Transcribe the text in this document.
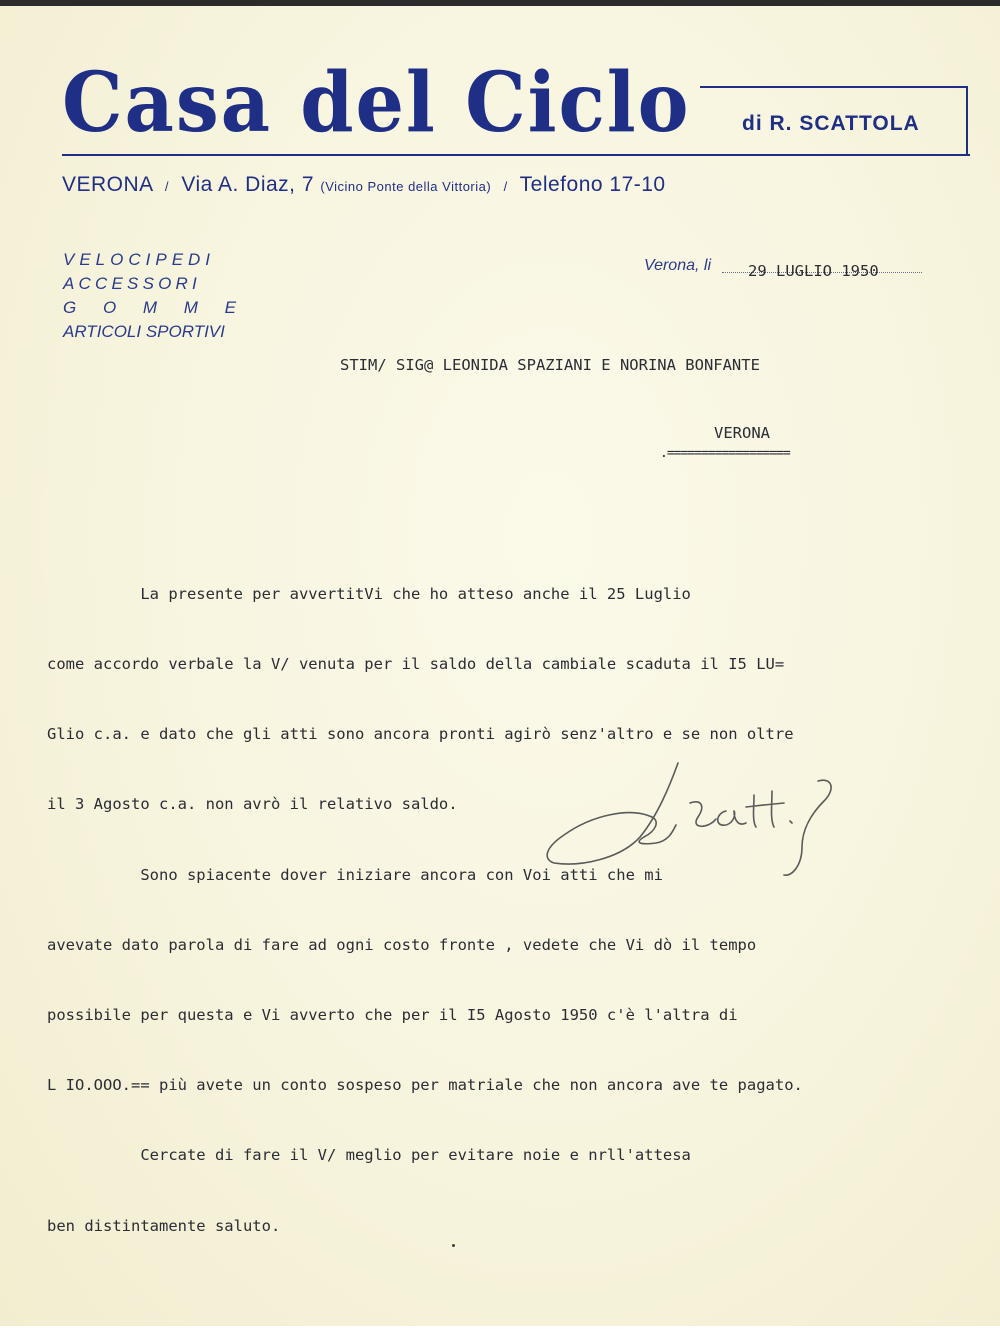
Casa del Ciclo di R. SCATTOLA
VERONA / Via A. Diaz, 7 (Vicino Ponte della Vittoria) / Telefono 17-10
VELOCIPEDI
ACCESSORI
G O M M E
ARTICOLI SPORTIVI
Verona, li 29 LUGLIO 1950
STIM/ SIG@ LEONIDA SPAZIANI E NORINA BONFANTE
VERONA
.==================

La presente per avvertitVi che ho atteso anche il 25 Luglio

come accordo verbale la V/ venuta per il saldo della cambiale scaduta il I5 LU=

Glio c.a. e dato che gli atti sono ancora pronti agirò senz'altro e se non oltre

il 3 Agosto c.a. non avrò il relativo saldo.

Sono spiacente dover iniziare ancora con Voi atti che mi

avevate dato parola di fare ad ogni costo fronte , vedete che Vi dò il tempo

possibile per questa e Vi avverto che per il I5 Agosto 1950 c'è l'altra di

L IO.OOO.== più avete un conto sospeso per matriale che non ancora ave te pagato.

Cercate di fare il V/ meglio per evitare noie e nrll'attesa

ben distintamente saluto.
